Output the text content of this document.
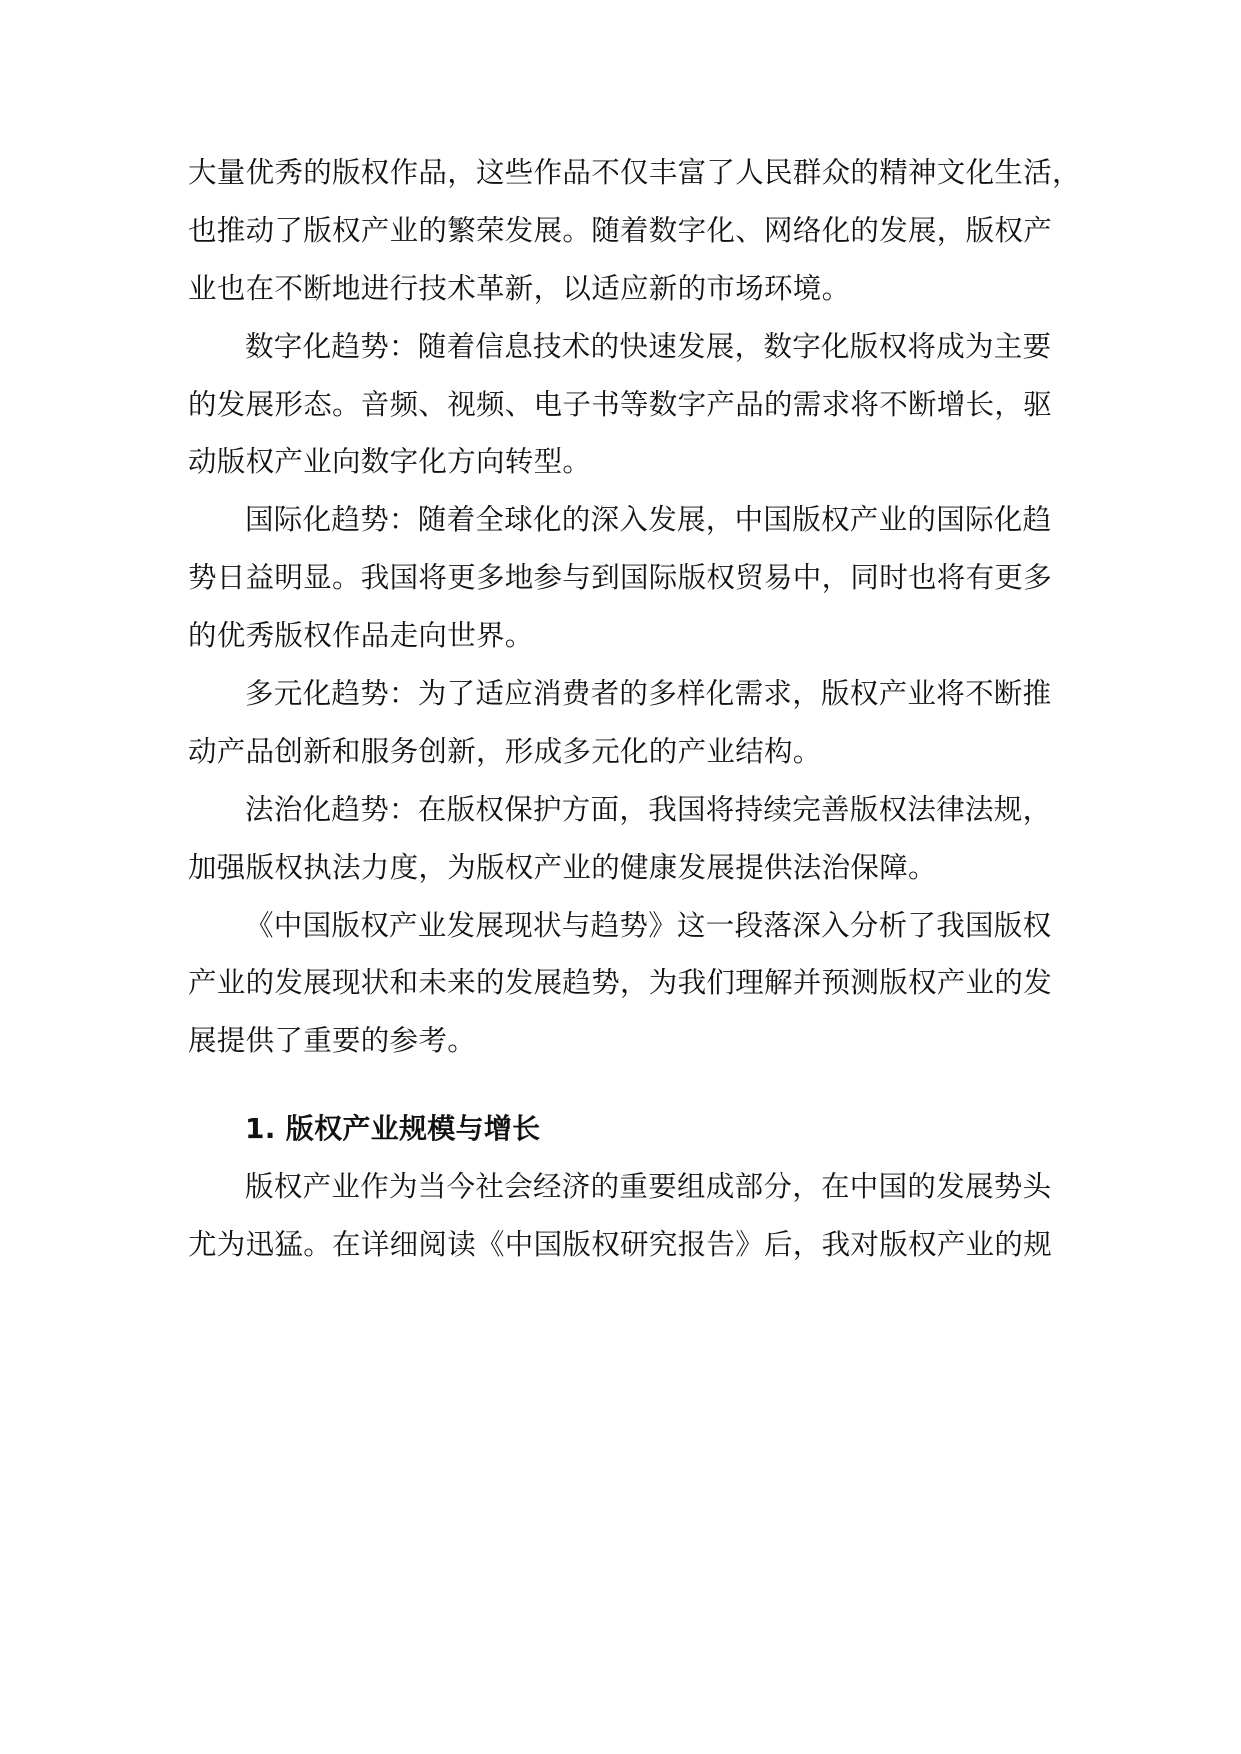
大量优秀的版权作品，这些作品不仅丰富了人民群众的精神文化生活，
也推动了版权产业的繁荣发展。随着数字化、网络化的发展，版权产
业也在不断地进行技术革新，以适应新的市场环境。
数字化趋势：随着信息技术的快速发展，数字化版权将成为主要
的发展形态。音频、视频、电子书等数字产品的需求将不断增长，驱
动版权产业向数字化方向转型。
国际化趋势：随着全球化的深入发展，中国版权产业的国际化趋
势日益明显。我国将更多地参与到国际版权贸易中，同时也将有更多
的优秀版权作品走向世界。
多元化趋势：为了适应消费者的多样化需求，版权产业将不断推
动产品创新和服务创新，形成多元化的产业结构。
法治化趋势：在版权保护方面，我国将持续完善版权法律法规，
加强版权执法力度，为版权产业的健康发展提供法治保障。
《中国版权产业发展现状与趋势》这一段落深入分析了我国版权
产业的发展现状和未来的发展趋势，为我们理解并预测版权产业的发
展提供了重要的参考。
1. 版权产业规模与增长
版权产业作为当今社会经济的重要组成部分，在中国的发展势头
尤为迅猛。在详细阅读《中国版权研究报告》后，我对版权产业的规
